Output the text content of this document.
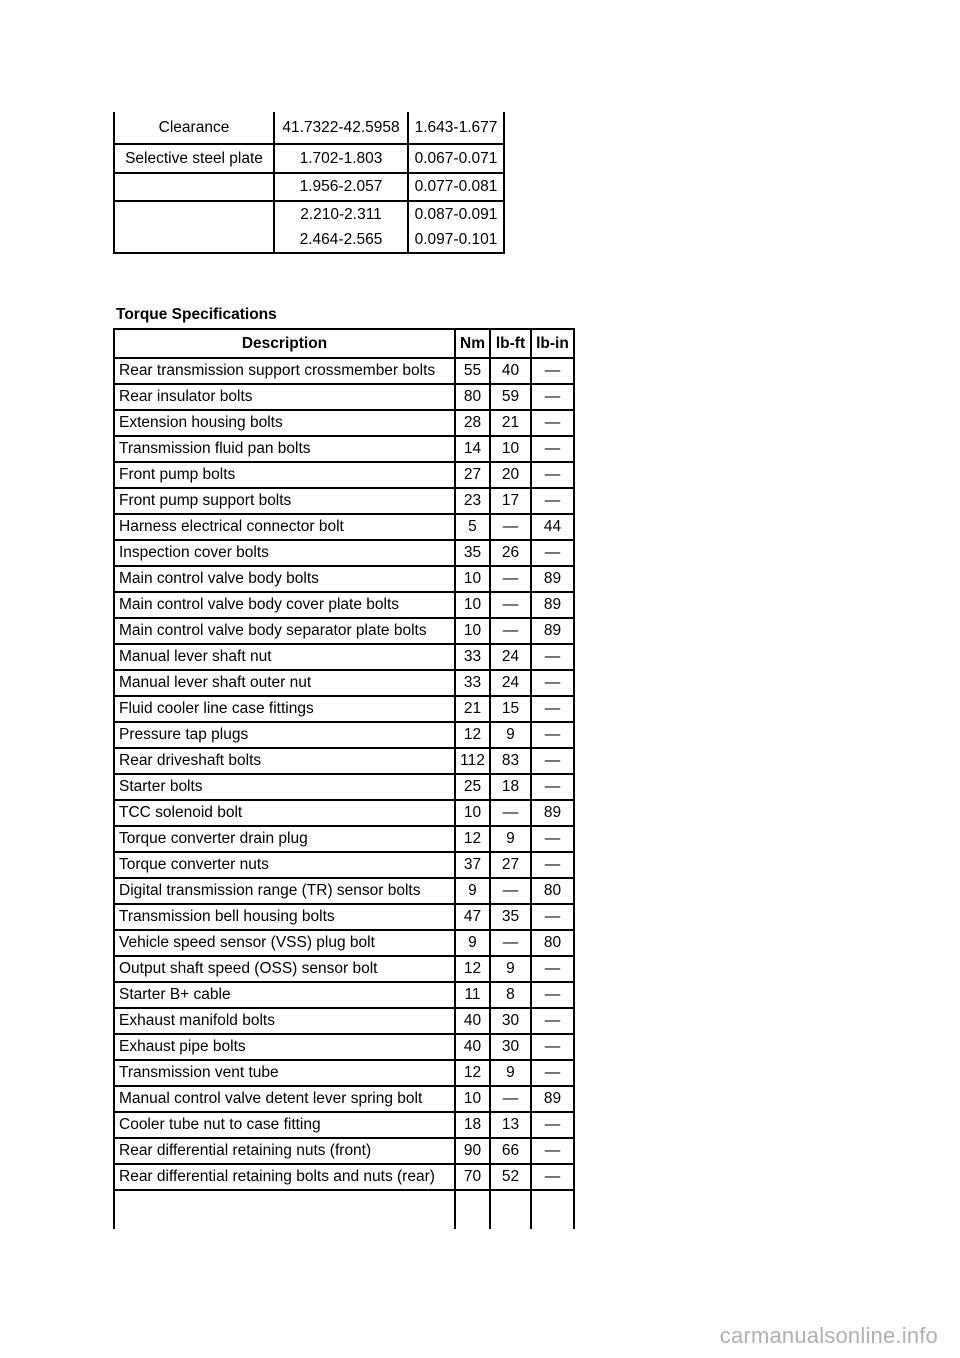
Clearance	41.7322-42.5958	1.643-1.677
Selective steel plate	1.702-1.803	0.067-0.071
	1.956-2.057	0.077-0.081
	2.210-2.311	0.087-0.091
	2.464-2.565	0.097-0.101
Torque Specifications
Description	Nm	lb-ft	lb-in
Rear transmission support crossmember bolts	55	40	—
Rear insulator bolts	80	59	—
Extension housing bolts	28	21	—
Transmission fluid pan bolts	14	10	—
Front pump bolts	27	20	—
Front pump support bolts	23	17	—
Harness electrical connector bolt	5	—	44
Inspection cover bolts	35	26	—
Main control valve body bolts	10	—	89
Main control valve body cover plate bolts	10	—	89
Main control valve body separator plate bolts	10	—	89
Manual lever shaft nut	33	24	—
Manual lever shaft outer nut	33	24	—
Fluid cooler line case fittings	21	15	—
Pressure tap plugs	12	9	—
Rear driveshaft bolts	112	83	—
Starter bolts	25	18	—
TCC solenoid bolt	10	—	89
Torque converter drain plug	12	9	—
Torque converter nuts	37	27	—
Digital transmission range (TR) sensor bolts	9	—	80
Transmission bell housing bolts	47	35	—
Vehicle speed sensor (VSS) plug bolt	9	—	80
Output shaft speed (OSS) sensor bolt	12	9	—
Starter B+ cable	11	8	—
Exhaust manifold bolts	40	30	—
Exhaust pipe bolts	40	30	—
Transmission vent tube	12	9	—
Manual control valve detent lever spring bolt	10	—	89
Cooler tube nut to case fitting	18	13	—
Rear differential retaining nuts (front)	90	66	—
Rear differential retaining bolts and nuts (rear)	70	52	—

carmanualsonline.info
